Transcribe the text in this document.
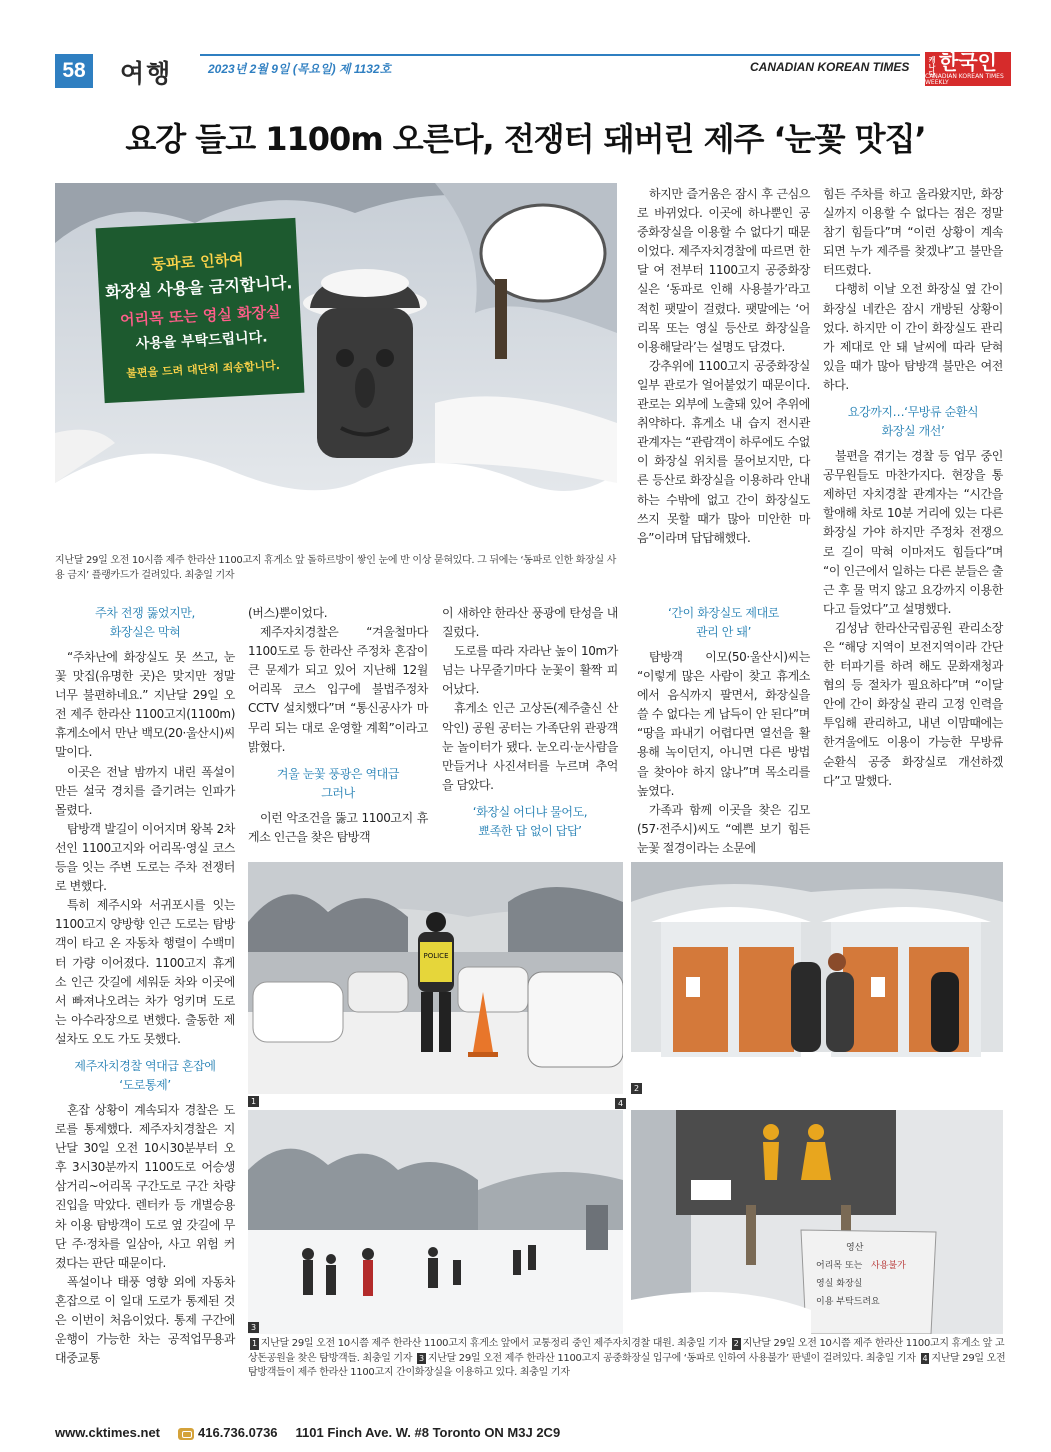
58 여행	2023년 2월 9일 (목요일) 제 1132호	CANADIAN KOREAN TIMES	캐나다 한국인
CANADIAN KOREAN TIMES WEEKLY
요강 들고 1100m 오른다, 전쟁터 돼버린 제주 ‘눈꽃 맛집’
동파로 인하여
화장실 사용을 금지합니다.
어리목 또는 영실 화장실
사용을 부탁드립니다.
불편을 드려 대단히 죄송합니다.
지난달 29일 오전 10시쯤 제주 한라산 1100고지 휴게소 앞 돌하르방이 쌓인 눈에 반 이상 묻혀있다. 그 뒤에는 ‘동파로 인한 화장실 사용 금지’ 플랭카드가 걸려있다. 최충일 기자

하지만 즐거움은 잠시 후 근심으로 바뀌었다. 이곳에 하나뿐인 공중화장실을 이용할 수 없다기 때문이었다. 제주자치경찰에 따르면 한달 여 전부터 1100고지 공중화장실은 ‘동파로 인해 사용불가’라고 적힌 팻말이 걸렸다. 팻말에는 ‘어리목 또는 영실 등산로 화장실을 이용해달라’는 설명도 담겼다.

강추위에 1100고지 공중화장실 일부 관로가 얼어붙었기 때문이다. 관로는 외부에 노출돼 있어 추위에 취약하다. 휴게소 내 습지 전시관 관계자는 “관람객이 하루에도 수없이 화장실 위치를 물어보지만, 다른 등산로 화장실을 이용하라 안내하는 수밖에 없고 간이 화장실도 쓰지 못할 때가 많아 미안한 마음”이라며 답답해했다.

힘든 주차를 하고 올라왔지만, 화장실까지 이용할 수 없다는 점은 정말 참기 힘들다”며 “이런 상황이 계속되면 누가 제주를 찾겠냐”고 불만을 터뜨렸다.

다행히 이날 오전 화장실 옆 간이 화장실 네칸은 잠시 개방된 상황이었다. 하지만 이 간이 화장실도 관리가 제대로 안 돼 날씨에 따라 닫혀 있을 때가 많아 탐방객 불만은 여전하다.

요강까지…‘무방류 순환식
화장실 개선’

불편을 겪기는 경찰 등 업무 중인 공무원들도 마찬가지다. 현장을 통제하던 자치경찰 관계자는 “시간을 할애해 차로 10분 거리에 있는 다른 화장실 가야 하지만 주정차 전쟁으로 길이 막혀 이마저도 힘들다”며 “이 인근에서 일하는 다른 분들은 출근 후 물 먹지 않고 요강까지 이용한다고 들었다”고 설명했다.

김성남 한라산국립공원 관리소장은 “해당 지역이 보전지역이라 간단한 터파기를 하려 해도 문화재청과 협의 등 절차가 필요하다”며 “이달 안에 간이 화장실 관리 고정 인력을 투입해 관리하고, 내년 이맘때에는 한겨울에도 이용이 가능한 무방류 순환식 공중 화장실로 개선하겠다”고 말했다.

주차 전쟁 뚫었지만,
화장실은 막혀

“주차난에 화장실도 못 쓰고, 눈꽃 맛집(유명한 곳)은 맞지만 정말 너무 불편하네요.” 지난달 29일 오전 제주 한라산 1100고지(1100m) 휴게소에서 만난 백모(20·울산시)씨 말이다.

이곳은 전날 밤까지 내린 폭설이 만든 설국 경치를 즐기려는 인파가 몰렸다.

탐방객 발길이 이어지며 왕복 2차선인 1100고지와 어리목·영실 코스 등을 잇는 주변 도로는 주차 전쟁터로 변했다.

특히 제주시와 서귀포시를 잇는 1100고지 양방향 인근 도로는 탐방객이 타고 온 자동차 행렬이 수백미터 가량 이어졌다. 1100고지 휴게소 인근 갓길에 세워둔 차와 이곳에서 빠져나오려는 차가 엉키며 도로는 아수라장으로 변했다. 출동한 제설차도 오도 가도 못했다.

제주자치경찰 역대급 혼잡에
‘도로통제’

혼잡 상황이 계속되자 경찰은 도로를 통제했다. 제주자치경찰은 지난달 30일 오전 10시30분부터 오후 3시30분까지 1100도로 어승생 삼거리~어리목 구간도로 구간 차량 진입을 막았다. 렌터카 등 개별승용차 이용 탐방객이 도로 옆 갓길에 무단 주·정차를 일삼아, 사고 위험 커졌다는 판단 때문이다.

폭설이나 태풍 영향 외에 자동차 혼잡으로 이 일대 도로가 통제된 것은 이번이 처음이었다. 통제 구간에 운행이 가능한 차는 공적업무용과 대중교통

(버스)뿐이었다.

제주자치경찰은 “겨울철마다 1100도로 등 한라산 주정차 혼잡이 큰 문제가 되고 있어 지난해 12월 어리목 코스 입구에 불법주정차 CCTV 설치했다”며 “통신공사가 마무리 되는 대로 운영할 계획”이라고 밝혔다.

겨울 눈꽃 풍광은 역대급
그러나

이런 악조건을 뚫고 1100고지 휴게소 인근을 찾은 탐방객

이 새하얀 한라산 풍광에 탄성을 내질렀다.

도로를 따라 자라난 높이 10m가 넘는 나무줄기마다 눈꽃이 활짝 피어났다.

휴게소 인근 고상돈(제주출신 산악인) 공원 공터는 가족단위 관광객 눈 놀이터가 됐다. 눈오리·눈사람을 만들거나 사진셔터를 누르며 추억을 담았다.

‘화장실 어디냐 물어도,
뾰족한 답 없이 답답’

‘간이 화장실도 제대로
관리 안 돼’

탐방객 이모(50·울산시)씨는 “이렇게 많은 사람이 찾고 휴게소에서 음식까지 팔면서, 화장실을 쓸 수 없다는 게 납득이 안 된다”며 “땅을 파내기 어렵다면 열선을 활용해 녹이던지, 아니면 다른 방법을 찾아야 하지 않나”며 목소리를 높였다.

가족과 함께 이곳을 찾은 김모(57·전주시)씨도 “예쁜 보기 힘든 눈꽃 절경이라는 소문에

POLICE
영산
어리목 또는 사용불가
영실 화장실
이용 부탁드려요
1
2
3
4
1 지난달 29일 오전 10시쯤 제주 한라산 1100고지 휴게소 앞에서 교통정리 중인 제주자치경찰 대원. 최충일 기자 2 지난달 29일 오전 10시쯤 제주 한라산 1100고지 휴게소 앞 고상돈공원을 찾은 탐방객들. 최충일 기자 3 지난달 29일 오전 제주 한라산 1100고지 공중화장실 입구에 ‘동파로 인하여 사용불가’ 판넬이 걸려있다. 최충일 기자 4 지난달 29일 오전 탐방객들이 제주 한라산 1100고지 간이화장실을 이용하고 있다. 최충일 기자
www.cktimes.net	416.736.0736 1101 Finch Ave. W. #8 Toronto ON M3J 2C9
